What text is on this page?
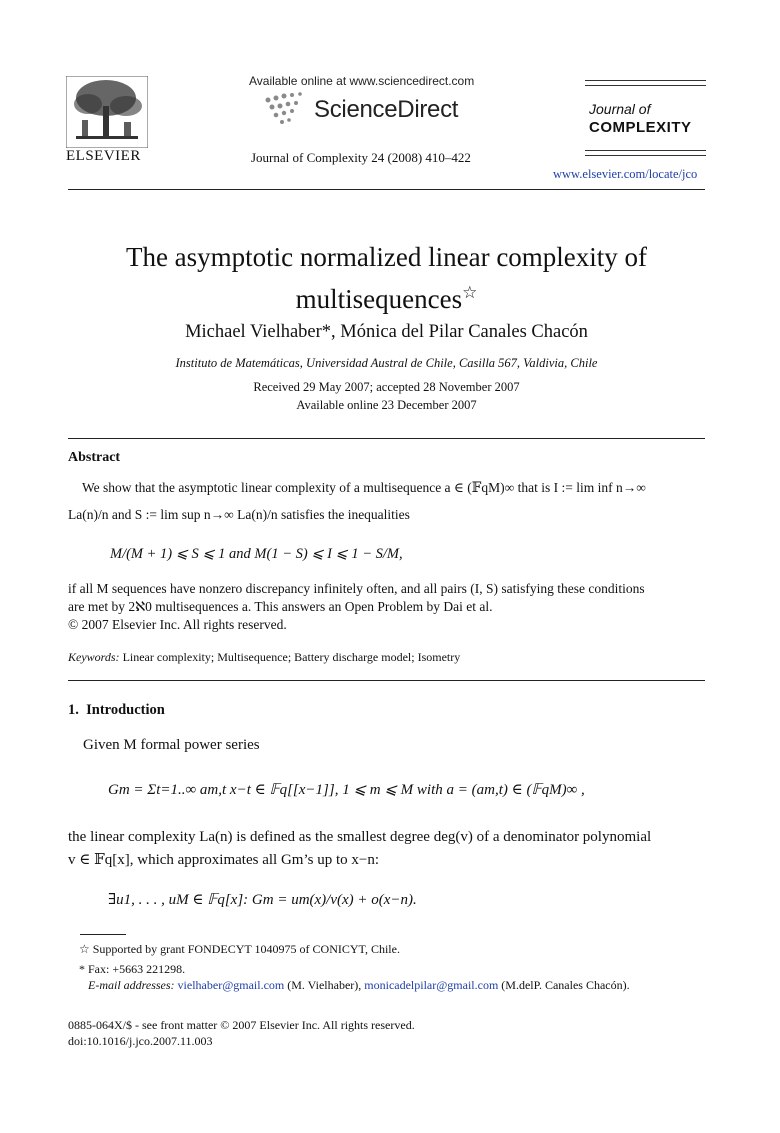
ELSEVIER
Available online at www.sciencedirect.com
ScienceDirect
Journal of Complexity 24 (2008) 410–422
Journal of
COMPLEXITY
www.elsevier.com/locate/jco
The asymptotic normalized linear complexity of
multisequences☆
Michael Vielhaber*, Mónica del Pilar Canales Chacón
Instituto de Matemáticas, Universidad Austral de Chile, Casilla 567, Valdivia, Chile
Received 29 May 2007; accepted 28 November 2007
Available online 23 December 2007
Abstract
We show that the asymptotic linear complexity of a multisequence a ∈ (𝔽qM)∞ that is I := lim inf n→∞
La(n)/n and S := lim sup n→∞ La(n)/n satisfies the inequalities
M/(M + 1) ⩽ S ⩽ 1 and M(1 − S) ⩽ I ⩽ 1 − S/M,
if all M sequences have nonzero discrepancy infinitely often, and all pairs (I, S) satisfying these conditions
are met by 2ℵ0 multisequences a. This answers an Open Problem by Dai et al.
© 2007 Elsevier Inc. All rights reserved.
Keywords: Linear complexity; Multisequence; Battery discharge model; Isometry
1.  Introduction
Given M formal power series
Gm = Σt=1..∞ am,t x−t ∈ 𝔽q[[x−1]], 1 ⩽ m ⩽ M with a = (am,t) ∈ (𝔽qM)∞ ,
the linear complexity La(n) is defined as the smallest degree deg(v) of a denominator polynomial
v ∈ 𝔽q[x], which approximates all Gm’s up to x−n:
∃u1, . . . , uM ∈ 𝔽q[x]: Gm = um(x)/v(x) + o(x−n).
☆ Supported by grant FONDECYT 1040975 of CONICYT, Chile.
* Fax: +5663 221298.
E-mail addresses: vielhaber@gmail.com (M. Vielhaber), monicadelpilar@gmail.com (M.delP. Canales Chacón).
0885-064X/$ - see front matter © 2007 Elsevier Inc. All rights reserved.
doi:10.1016/j.jco.2007.11.003
